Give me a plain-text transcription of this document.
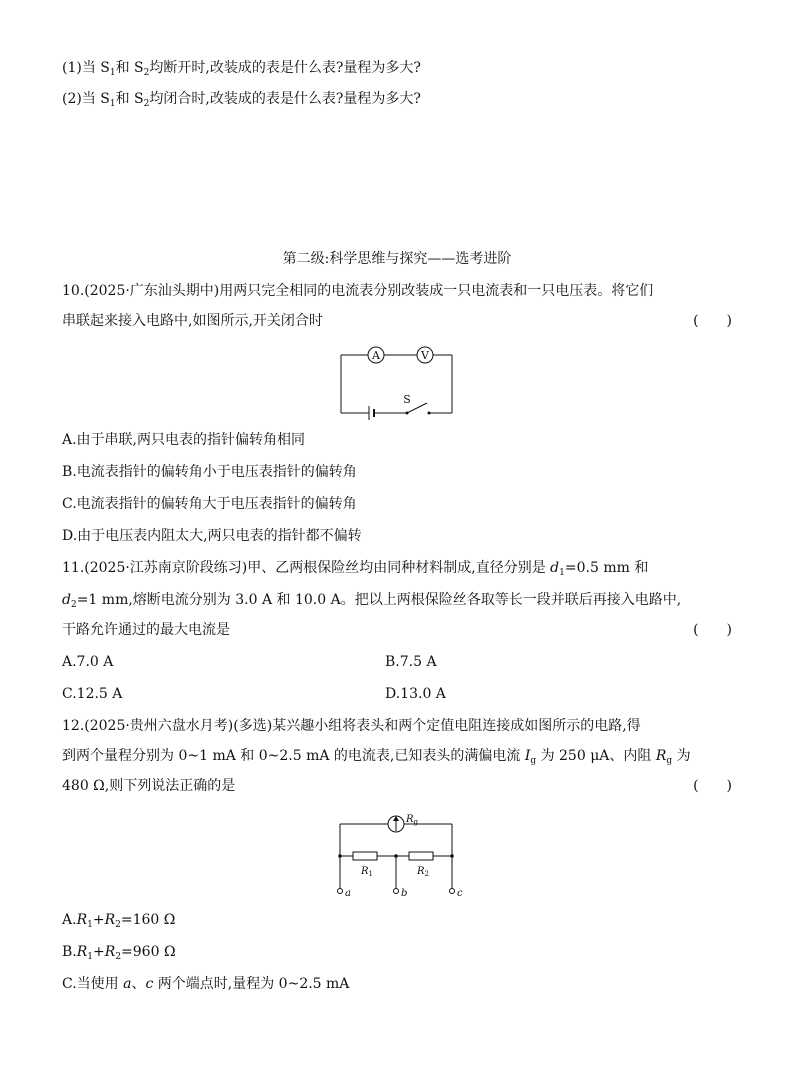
(1)当 $S_1$和 $S_2$均断开时,改装成的表是什么表?量程为多大?
(2)当 $S_1$和 $S_2$均闭合时,改装成的表是什么表?量程为多大?
第二级:科学思维与探究——选考进阶
10.(2025·广东汕头期中)用两只完全相同的电流表分别改装成一只电流表和一只电压表。将它们
串联起来接入电路中,如图所示,开关闭合时	(　　)
A	V
S
A.由于串联,两只电表的指针偏转角相同
B.电流表指针的偏转角小于电压表指针的偏转角
C.电流表指针的偏转角大于电压表指针的偏转角
D.由于电压表内阻太大,两只电表的指针都不偏转
11.(2025·江苏南京阶段练习)甲、乙两根保险丝均由同种材料制成,直径分别是 $d_1=0.5$ mm 和
$d_2=1$ mm,熔断电流分别为 3.0 A 和 10.0 A。把以上两根保险丝各取等长一段并联后再接入电路中,
干路允许通过的最大电流是	(　　)
A.7.0 A	B.7.5 A
C.12.5 A	D.13.0 A
12.(2025·贵州六盘水月考)(多选)某兴趣小组将表头和两个定值电阻连接成如图所示的电路,得
到两个量程分别为 0~1 mA 和 0~2.5 mA 的电流表,已知表头的满偏电流 $I_g$ 为 250 μA、内阻 $R_g$ 为
480 Ω,则下列说法正确的是	(　　)
$R_g$
$R_1$	$R_2$
a	b	c
$A.R_1+R_2=160$ Ω
$B.R_1+R_2=960$ Ω
C.当使用 a、c 两个端点时,量程为 0~2.5 mA
